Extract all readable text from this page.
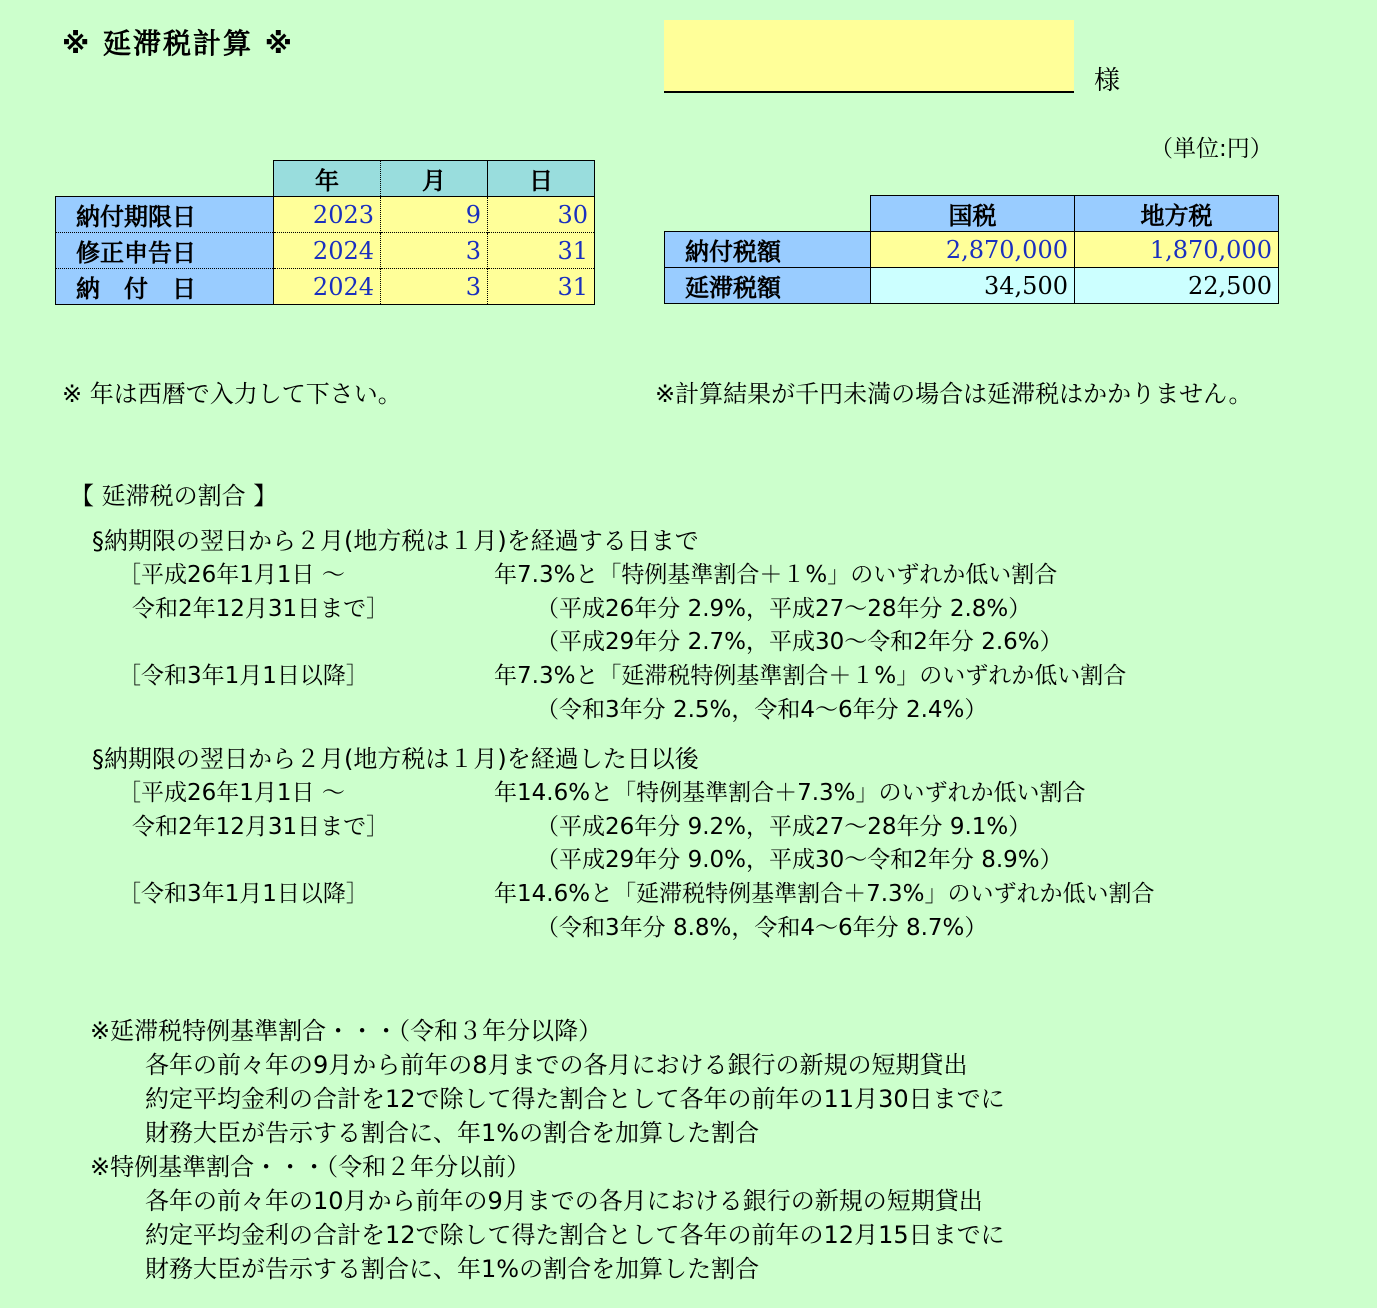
※ 延滞税計算 ※
様
（単位:円）
	年	月	日
納付期限日	2023	9	30
修正申告日	2024	3	31
納　付　日	2024	3	31
	国税	地方税
納付税額	2,870,000	1,870,000
延滞税額	34,500	22,500
※ 年は西暦で入力して下さい。	※計算結果が千円未満の場合は延滞税はかかりません。
【 延滞税の割合 】
§納期限の翌日から２月(地方税は１月)を経過する日まで
［平成26年1月1日 ～
令和2年12月31日まで］
年7.3%と「特例基準割合＋１%」のいずれか低い割合
（平成26年分 2.9%，平成27～28年分 2.8%）
（平成29年分 2.7%，平成30～令和2年分 2.6%）
［令和3年1月1日以降］	年7.3%と「延滞税特例基準割合＋１%」のいずれか低い割合
（令和3年分 2.5%，令和4～6年分 2.4%）
§納期限の翌日から２月(地方税は１月)を経過した日以後
［平成26年1月1日 ～
令和2年12月31日まで］
年14.6%と「特例基準割合＋7.3%」のいずれか低い割合
（平成26年分 9.2%，平成27～28年分 9.1%）
（平成29年分 9.0%，平成30～令和2年分 8.9%）
［令和3年1月1日以降］	年14.6%と「延滞税特例基準割合＋7.3%」のいずれか低い割合
（令和3年分 8.8%，令和4～6年分 8.7%）
※延滞税特例基準割合・・・（令和３年分以降）
各年の前々年の9月から前年の8月までの各月における銀行の新規の短期貸出
約定平均金利の合計を12で除して得た割合として各年の前年の11月30日までに
財務大臣が告示する割合に、年1%の割合を加算した割合
※特例基準割合・・・（令和２年分以前）
各年の前々年の10月から前年の9月までの各月における銀行の新規の短期貸出
約定平均金利の合計を12で除して得た割合として各年の前年の12月15日までに
財務大臣が告示する割合に、年1%の割合を加算した割合
